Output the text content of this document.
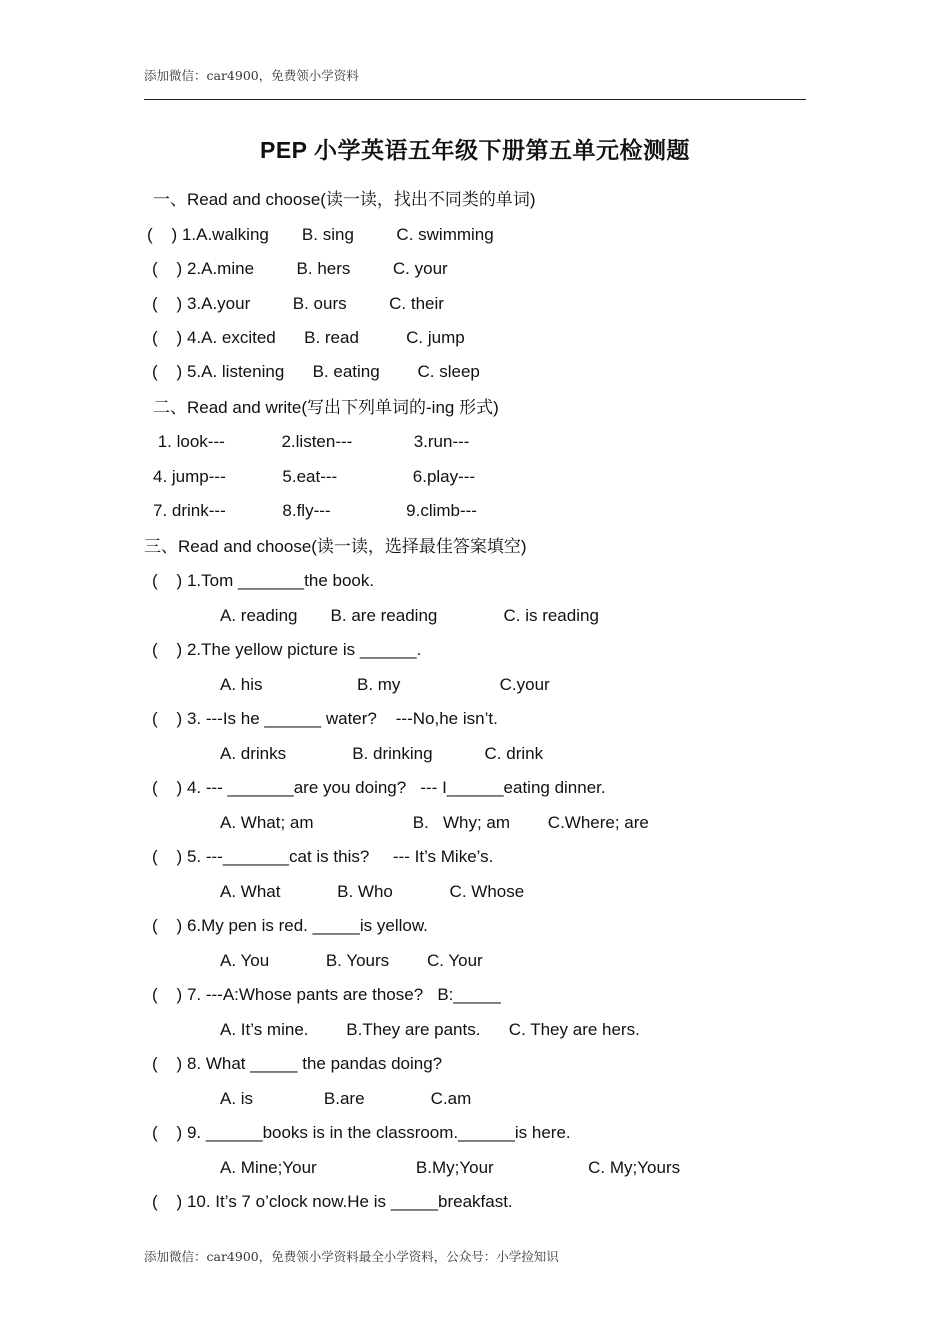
添加微信：car4900，免费领小学资料
PEP 小学英语五年级下册第五单元检测题
一、Read and choose(读一读，找出不同类的单词)
(    ) 1.A.walking       B. sing         C. swimming
(    ) 2.A.mine         B. hers         C. your
(    ) 3.A.your         B. ours         C. their
(    ) 4.A. excited      B. read          C. jump
(    ) 5.A. listening      B. eating        C. sleep
二、Read and write(写出下列单词的-ing 形式)
1. look---            2.listen---             3.run---
4. jump---            5.eat---                6.play---
7. drink---            8.fly---                9.climb---
三、Read and choose(读一读，选择最佳答案填空)
(    ) 1.Tom _______the book.
A. reading       B. are reading              C. is reading
(    ) 2.The yellow picture is ______.
A. his                    B. my                     C.your
(    ) 3. ---Is he ______ water?    ---No,he isn’t.
A. drinks              B. drinking           C. drink
(    ) 4. --- _______are you doing?   --- I______eating dinner.
A. What; am                     B.   Why; am        C.Where; are
(    ) 5. ---_______cat is this?     --- It’s Mike’s.
A. What            B. Who            C. Whose
(    ) 6.My pen is red. _____is yellow.
A. You            B. Yours        C. Your
(    ) 7. ---A:Whose pants are those?   B:_____
A. It’s mine.        B.They are pants.      C. They are hers.
(    ) 8. What _____ the pandas doing?
A. is               B.are              C.am
(    ) 9. ______books is in the classroom.______is here.
A. Mine;Your                     B.My;Your                    C. My;Yours
(    ) 10. It’s 7 o’clock now.He is _____breakfast.
添加微信：car4900，免费领小学资料最全小学资料，公众号：小学捡知识
